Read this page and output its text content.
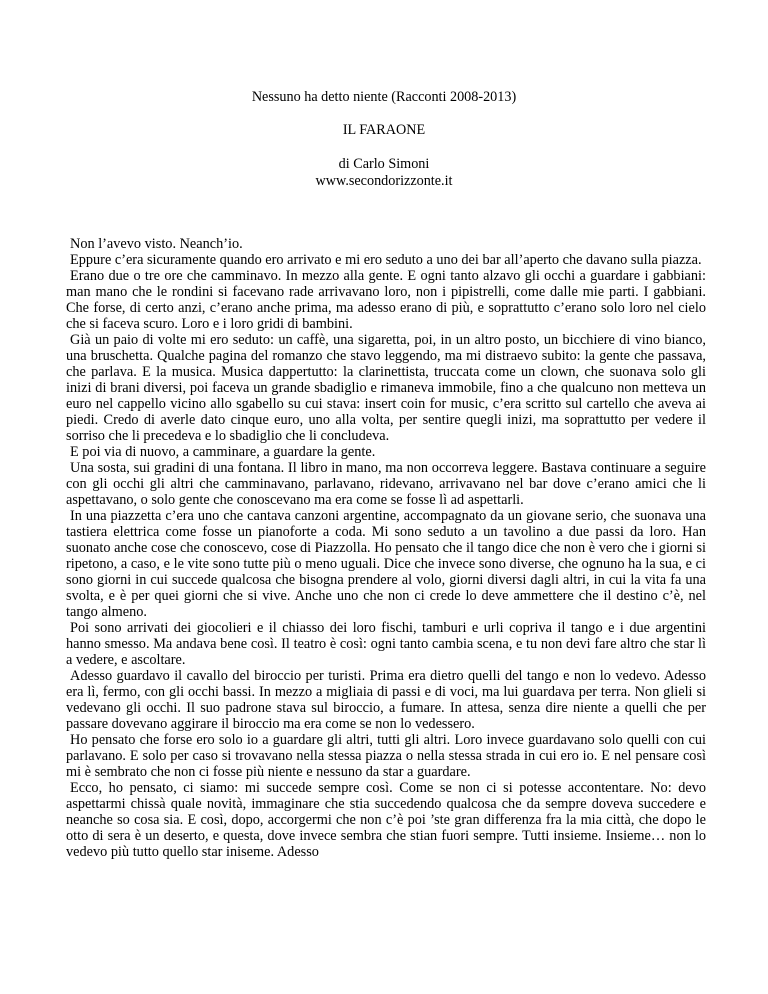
Nessuno ha detto niente (Racconti 2008-2013)
IL FARAONE
di Carlo Simoni
www.secondorizzonte.it

Non l’avevo visto. Neanch’io.

Eppure c’era sicuramente quando ero arrivato e mi ero seduto a uno dei bar all’aperto che davano sulla piazza.

Erano due o tre ore che camminavo. In mezzo alla gente. E ogni tanto alzavo gli occhi a guardare i gabbiani: man mano che le rondini si facevano rade arrivavano loro, non i pipistrelli, come dalle mie parti. I gabbiani. Che forse, di certo anzi, c’erano anche prima, ma adesso erano di più, e soprattutto c’erano solo loro nel cielo che si faceva scuro. Loro e i loro gridi di bambini.

Già un paio di volte mi ero seduto: un caffè, una sigaretta, poi, in un altro posto, un bicchiere di vino bianco, una bruschetta. Qualche pagina del romanzo che stavo leggendo, ma mi distraevo subito: la gente che passava, che parlava. E la musica. Musica dappertutto: la clarinettista, truccata come un clown, che suonava solo gli inizi di brani diversi, poi faceva un grande sbadiglio e rimaneva immobile, fino a che qualcuno non metteva un euro nel cappello vicino allo sgabello su cui stava: insert coin for music, c’era scritto sul cartello che aveva ai piedi. Credo di averle dato cinque euro, uno alla volta, per sentire quegli inizi, ma soprattutto per vedere il sorriso che li precedeva e lo sbadiglio che li concludeva.

E poi via di nuovo, a camminare, a guardare la gente.

Una sosta, sui gradini di una fontana. Il libro in mano, ma non occorreva leggere. Bastava continuare a seguire con gli occhi gli altri che camminavano, parlavano, ridevano, arrivavano nel bar dove c’erano amici che li aspettavano, o solo gente che conoscevano ma era come se fosse lì ad aspettarli.

In una piazzetta c’era uno che cantava canzoni argentine, accompagnato da un giovane serio, che suonava una tastiera elettrica come fosse un pianoforte a coda. Mi sono seduto a un tavolino a due passi da loro. Han suonato anche cose che conoscevo, cose di Piazzolla. Ho pensato che il tango dice che non è vero che i giorni si ripetono, a caso, e le vite sono tutte più o meno uguali. Dice che invece sono diverse, che ognuno ha la sua, e ci sono giorni in cui succede qualcosa che bisogna prendere al volo, giorni diversi dagli altri, in cui la vita fa una svolta, e è per quei giorni che si vive. Anche uno che non ci crede lo deve ammettere che il destino c’è, nel tango almeno.

Poi sono arrivati dei giocolieri e il chiasso dei loro fischi, tamburi e urli copriva il tango e i due argentini hanno smesso. Ma andava bene così. Il teatro è così: ogni tanto cambia scena, e tu non devi fare altro che star lì a vedere, e ascoltare.

Adesso guardavo il cavallo del biroccio per turisti. Prima era dietro quelli del tango e non lo vedevo. Adesso era lì, fermo, con gli occhi bassi. In mezzo a migliaia di passi e di voci, ma lui guardava per terra. Non glieli si vedevano gli occhi. Il suo padrone stava sul biroccio, a fumare. In attesa, senza dire niente a quelli che per passare dovevano aggirare il biroccio ma era come se non lo vedessero.

Ho pensato che forse ero solo io a guardare gli altri, tutti gli altri. Loro invece guardavano solo quelli con cui parlavano. E solo per caso si trovavano nella stessa piazza o nella stessa strada in cui ero io. E nel pensare così mi è sembrato che non ci fosse più niente e nessuno da star a guardare.

Ecco, ho pensato, ci siamo: mi succede sempre così. Come se non ci si potesse accontentare. No: devo aspettarmi chissà quale novità, immaginare che stia succedendo qualcosa che da sempre doveva succedere e neanche so cosa sia. E così, dopo, accorgermi che non c’è poi ’ste gran differenza fra la mia città, che dopo le otto di sera è un deserto, e questa, dove invece sembra che stian fuori sempre. Tutti insieme. Insieme… non lo vedevo più tutto quello star iniseme. Adesso
